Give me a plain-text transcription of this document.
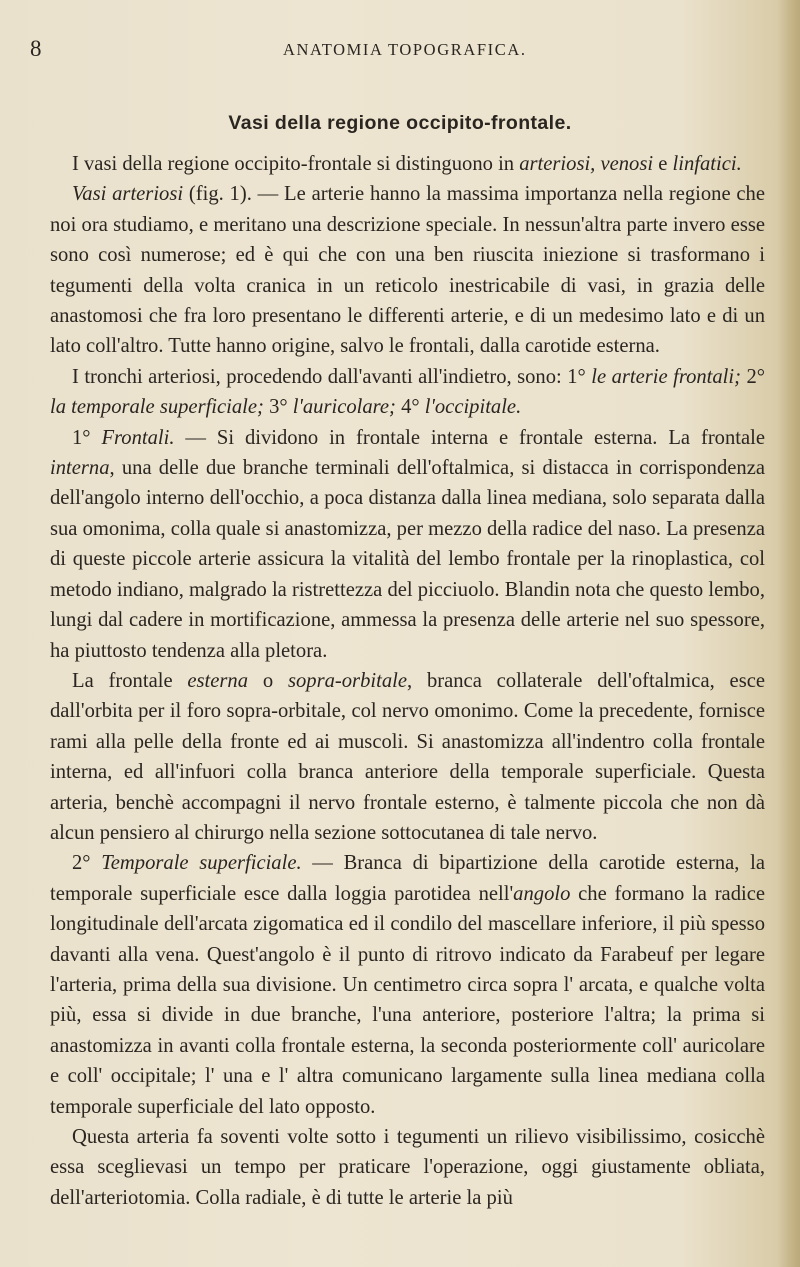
8	ANATOMIA TOPOGRAFICA.
Vasi della regione occipito-frontale.

I vasi della regione occipito-frontale si distinguono in arteriosi, venosi e linfatici.

Vasi arteriosi (fig. 1). — Le arterie hanno la massima importanza nella regione che noi ora studiamo, e meritano una descrizione speciale. In nessun'altra parte invero esse sono così numerose; ed è qui che con una ben riuscita iniezione si trasformano i tegumenti della volta cranica in un reticolo inestricabile di vasi, in grazia delle anastomosi che fra loro presentano le differenti arterie, e di un medesimo lato e di un lato coll'altro. Tutte hanno origine, salvo le frontali, dalla carotide esterna.

I tronchi arteriosi, procedendo dall'avanti all'indietro, sono: 1° le arterie frontali; 2° la temporale superficiale; 3° l'auricolare; 4° l'occipitale.

1° Frontali. — Si dividono in frontale interna e frontale esterna. La frontale interna, una delle due branche terminali dell'oftalmica, si distacca in corrispondenza dell'angolo interno dell'occhio, a poca distanza dalla linea mediana, solo separata dalla sua omonima, colla quale si anastomizza, per mezzo della radice del naso. La presenza di queste piccole arterie assicura la vitalità del lembo frontale per la rinoplastica, col metodo indiano, malgrado la ristrettezza del picciuolo. Blandin nota che questo lembo, lungi dal cadere in mortificazione, ammessa la presenza delle arterie nel suo spessore, ha piuttosto tendenza alla pletora.

La frontale esterna o sopra-orbitale, branca collaterale dell'oftalmica, esce dall'orbita per il foro sopra-orbitale, col nervo omonimo. Come la precedente, fornisce rami alla pelle della fronte ed ai muscoli. Si anastomizza all'indentro colla frontale interna, ed all'infuori colla branca anteriore della temporale superficiale. Questa arteria, benchè accompagni il nervo frontale esterno, è talmente piccola che non dà alcun pensiero al chirurgo nella sezione sottocutanea di tale nervo.

2° Temporale superficiale. — Branca di bipartizione della carotide esterna, la temporale superficiale esce dalla loggia parotidea nell'angolo che formano la radice longitudinale dell'arcata zigomatica ed il condilo del mascellare inferiore, il più spesso davanti alla vena. Quest'angolo è il punto di ritrovo indicato da Farabeuf per legare l'arteria, prima della sua divisione. Un centimetro circa sopra l' arcata, e qualche volta più, essa si divide in due branche, l'una anteriore, posteriore l'altra; la prima si anastomizza in avanti colla frontale esterna, la seconda posteriormente coll' auricolare e coll' occipitale; l' una e l' altra comunicano largamente sulla linea mediana colla temporale superficiale del lato opposto.

Questa arteria fa soventi volte sotto i tegumenti un rilievo visibilissimo, cosicchè essa sceglievasi un tempo per praticare l'operazione, oggi giustamente obliata, dell'arteriotomia. Colla radiale, è di tutte le arterie la più
